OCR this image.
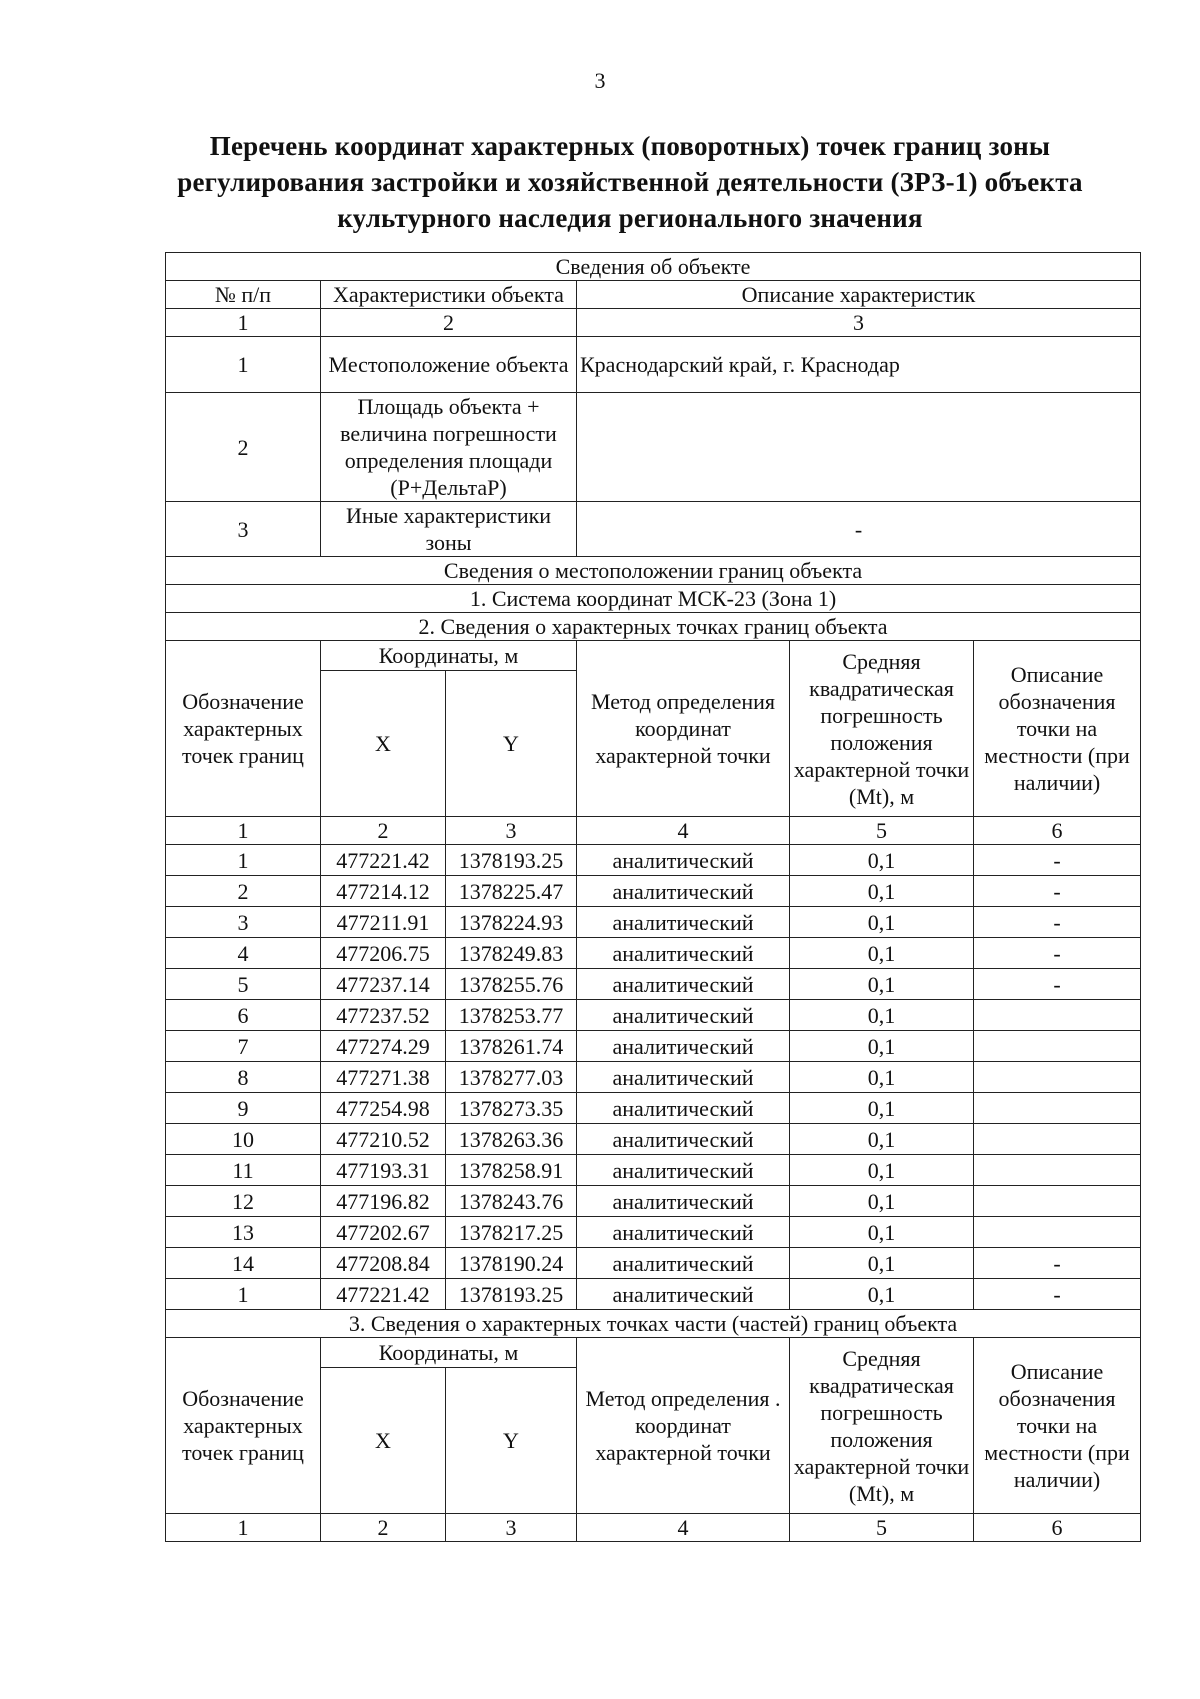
3
Перечень координат характерных (поворотных) точек границ зоны регулирования застройки и хозяйственной деятельности (ЗРЗ-1) объекта культурного наследия регионального значения
Сведения об объекте					
№ п/п	Характеристики объекта		Описание характеристик		
1	2		3		
1	Местоположение объекта		Краснодарский край, г. Краснодар		
2	Площадь объекта + величина погрешности определения площади (Р+ДельтаР)				
3	Иные характеристики зоны		-		
Сведения о местоположении границ объекта					
1. Система координат МСК-23 (Зона 1)					
2. Сведения о характерных точках границ объекта					
Обозначение характерных точек границ	Координаты, м		Метод определения координат характерной точки	Средняя квадратическая погрешность положения характерной точки (Mt), м	Описание обозначения точки на местности (при наличии)
	X	Y			
1	2	3	4	5	6
1	477221.42	1378193.25	аналитический	0,1	-
2	477214.12	1378225.47	аналитический	0,1	-
3	477211.91	1378224.93	аналитический	0,1	-
4	477206.75	1378249.83	аналитический	0,1	-
5	477237.14	1378255.76	аналитический	0,1	-
6	477237.52	1378253.77	аналитический	0,1	
7	477274.29	1378261.74	аналитический	0,1	
8	477271.38	1378277.03	аналитический	0,1	
9	477254.98	1378273.35	аналитический	0,1	
10	477210.52	1378263.36	аналитический	0,1	
11	477193.31	1378258.91	аналитический	0,1	
12	477196.82	1378243.76	аналитический	0,1	
13	477202.67	1378217.25	аналитический	0,1	
14	477208.84	1378190.24	аналитический	0,1	-
1	477221.42	1378193.25	аналитический	0,1	-
3. Сведения о характерных точках части (частей) границ объекта					
Обозначение характерных точек границ	Координаты, м		Метод определения . координат характерной точки	Средняя квадратическая погрешность положения характерной точки (Mt), м	Описание обозначения точки на местности (при наличии)
	X	Y			
1	2	3	4	5	6
